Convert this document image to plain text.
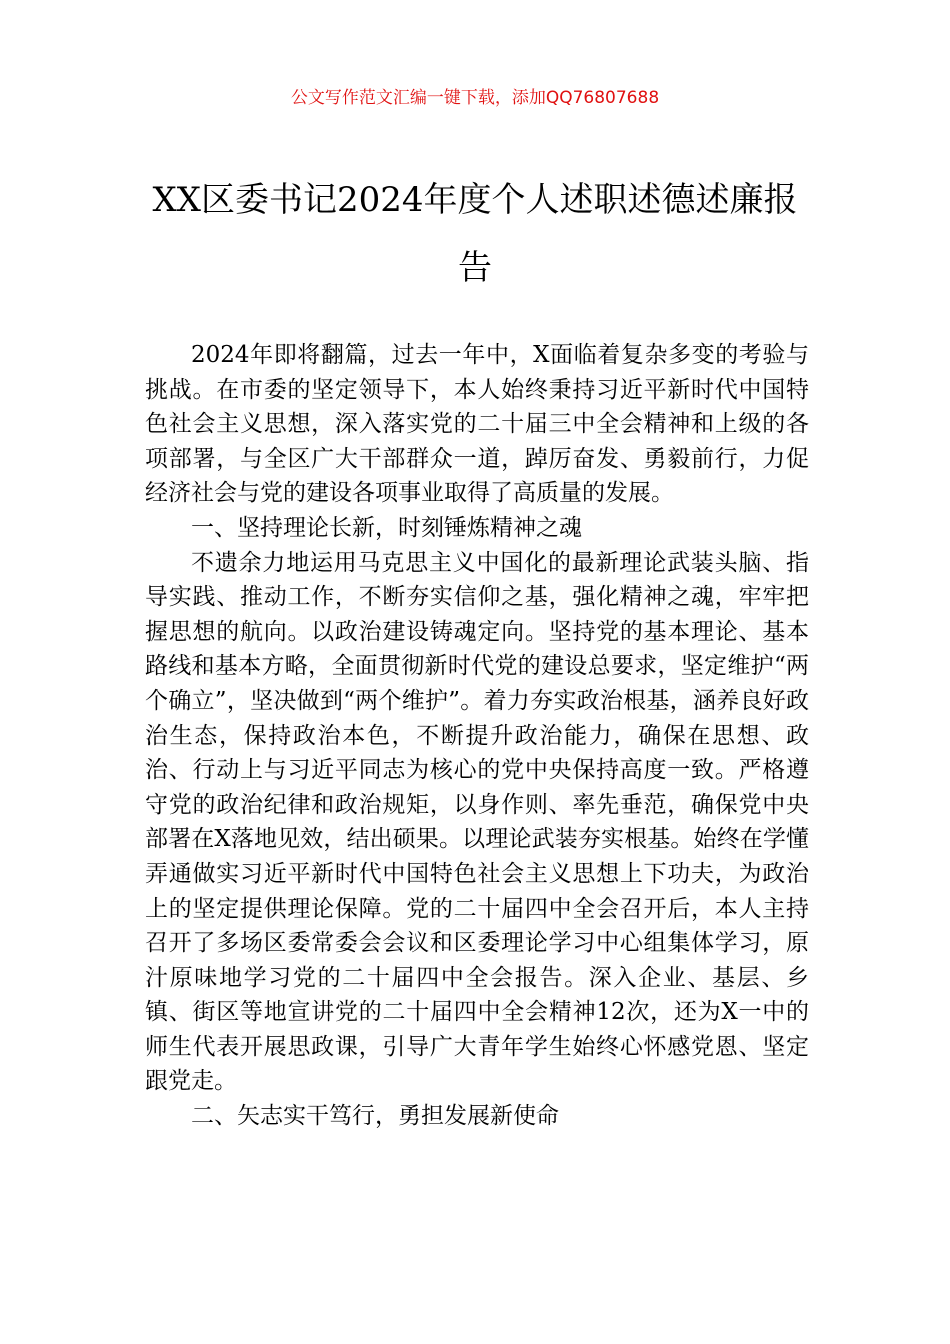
公文写作范文汇编一键下载，添加QQ76807688
XX区委书记2024年度个人述职述德述廉报告

2024年即将翻篇，过去一年中，X面临着复杂多变的考验与挑战。在市委的坚定领导下，本人始终秉持习近平新时代中国特色社会主义思想，深入落实党的二十届三中全会精神和上级的各项部署，与全区广大干部群众一道，踔厉奋发、勇毅前行，力促经济社会与党的建设各项事业取得了高质量的发展。

一、坚持理论长新，时刻锤炼精神之魂

不遗余力地运用马克思主义中国化的最新理论武装头脑、指导实践、推动工作，不断夯实信仰之基，强化精神之魂，牢牢把握思想的航向。以政治建设铸魂定向。坚持党的基本理论、基本路线和基本方略，全面贯彻新时代党的建设总要求，坚定维护“两个确立”，坚决做到“两个维护”。着力夯实政治根基，涵养良好政治生态，保持政治本色，不断提升政治能力，确保在思想、政治、行动上与习近平同志为核心的党中央保持高度一致。严格遵守党的政治纪律和政治规矩，以身作则、率先垂范，确保党中央部署在X落地见效，结出硕果。以理论武装夯实根基。始终在学懂弄通做实习近平新时代中国特色社会主义思想上下功夫，为政治上的坚定提供理论保障。党的二十届四中全会召开后，本人主持召开了多场区委常委会会议和区委理论学习中心组集体学习，原汁原味地学习党的二十届四中全会报告。深入企业、基层、乡镇、街区等地宣讲党的二十届四中全会精神12次，还为X一中的师生代表开展思政课，引导广大青年学生始终心怀感党恩、坚定跟党走。

二、矢志实干笃行，勇担发展新使命
